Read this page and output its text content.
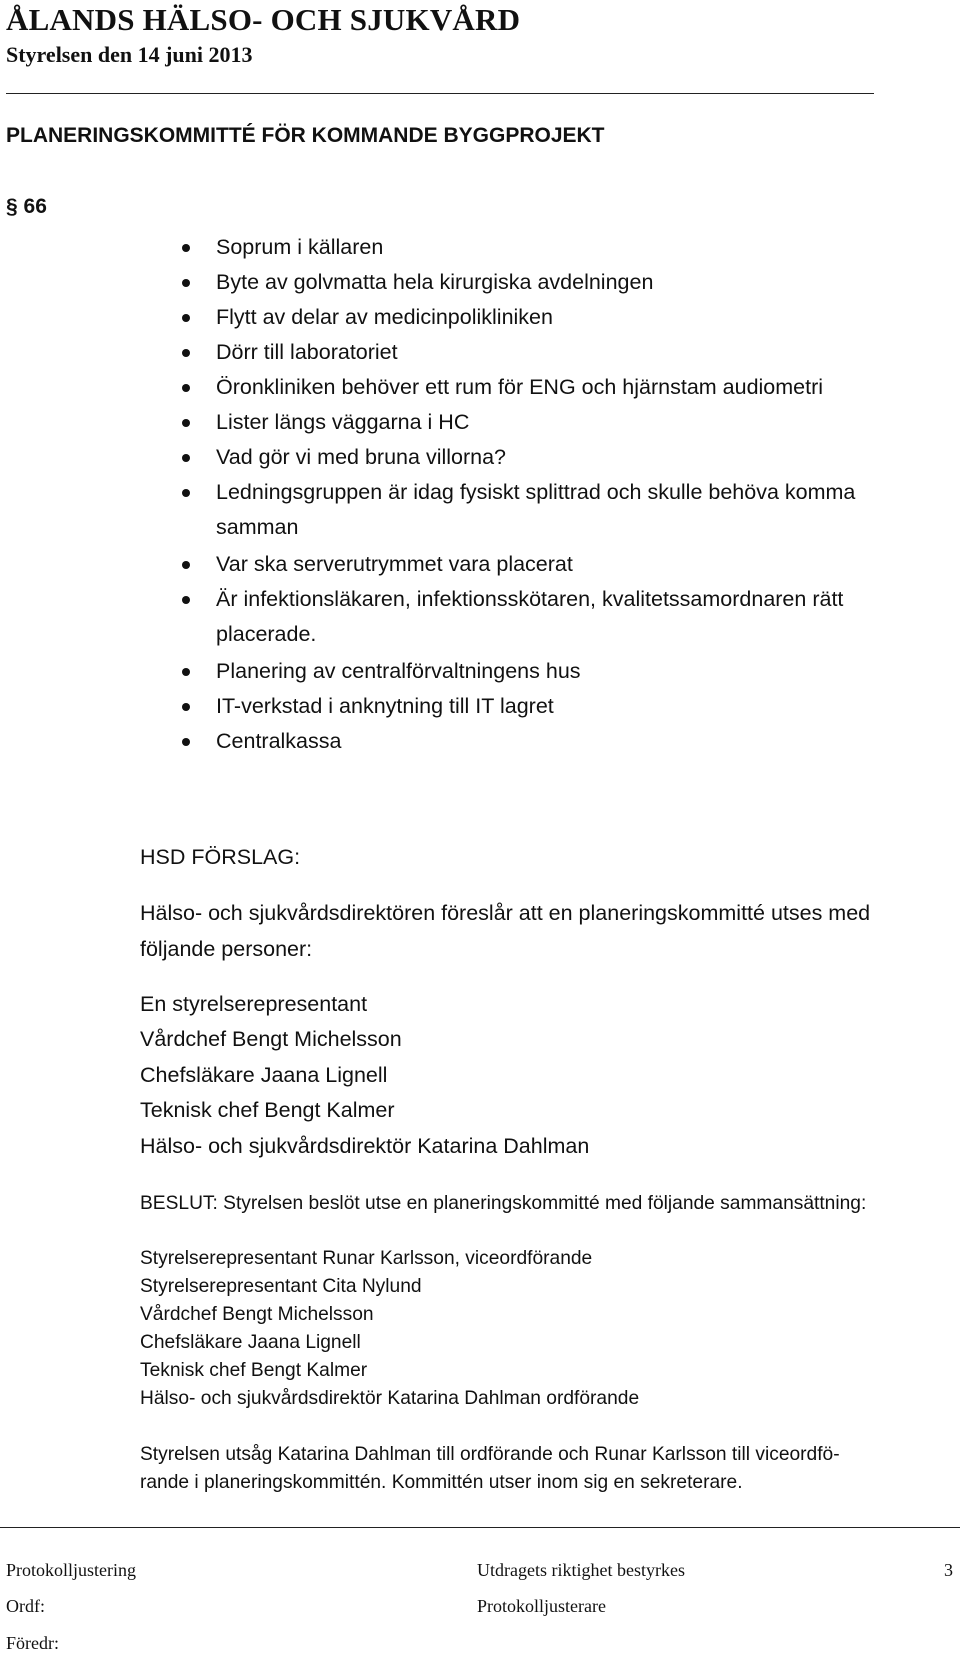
ÅLANDS HÄLSO- OCH SJUKVÅRD
Styrelsen den 14 juni 2013
PLANERINGSKOMMITTÉ FÖR KOMMANDE BYGGPROJEKT
§ 66
Soprum i källaren
Byte av golvmatta hela kirurgiska avdelningen
Flytt av delar av medicinpolikliniken
Dörr till laboratoriet
Öronkliniken behöver ett rum för ENG och hjärnstam audiometri
Lister längs väggarna i HC
Vad gör vi med bruna villorna?
Ledningsgruppen är idag fysiskt splittrad och skulle behöva komma samman
Var ska serverutrymmet vara placerat
Är infektionsläkaren, infektionsskötaren, kvalitetssamordnaren rätt placerade.
Planering av centralförvaltningens hus
IT-verkstad i anknytning till IT lagret
Centralkassa
HSD FÖRSLAG:
Hälso- och sjukvårdsdirektören föreslår att en planeringskommitté utses med
följande personer:
En styrelserepresentant
Vårdchef Bengt Michelsson
Chefsläkare Jaana Lignell
Teknisk chef Bengt Kalmer
Hälso- och sjukvårdsdirektör Katarina Dahlman
BESLUT: Styrelsen beslöt utse en planeringskommitté med följande sammansättning:
Styrelserepresentant Runar Karlsson, viceordförande
Styrelserepresentant Cita Nylund
Vårdchef Bengt Michelsson
Chefsläkare Jaana Lignell
Teknisk chef Bengt Kalmer
Hälso- och sjukvårdsdirektör Katarina Dahlman ordförande
Styrelsen utsåg Katarina Dahlman till ordförande och Runar Karlsson till viceordfö-
rande i planeringskommittén. Kommittén utser inom sig en sekreterare.
Protokolljustering	Utdragets riktighet bestyrkes	3
Ordf:	Protokolljusterare
Föredr:
